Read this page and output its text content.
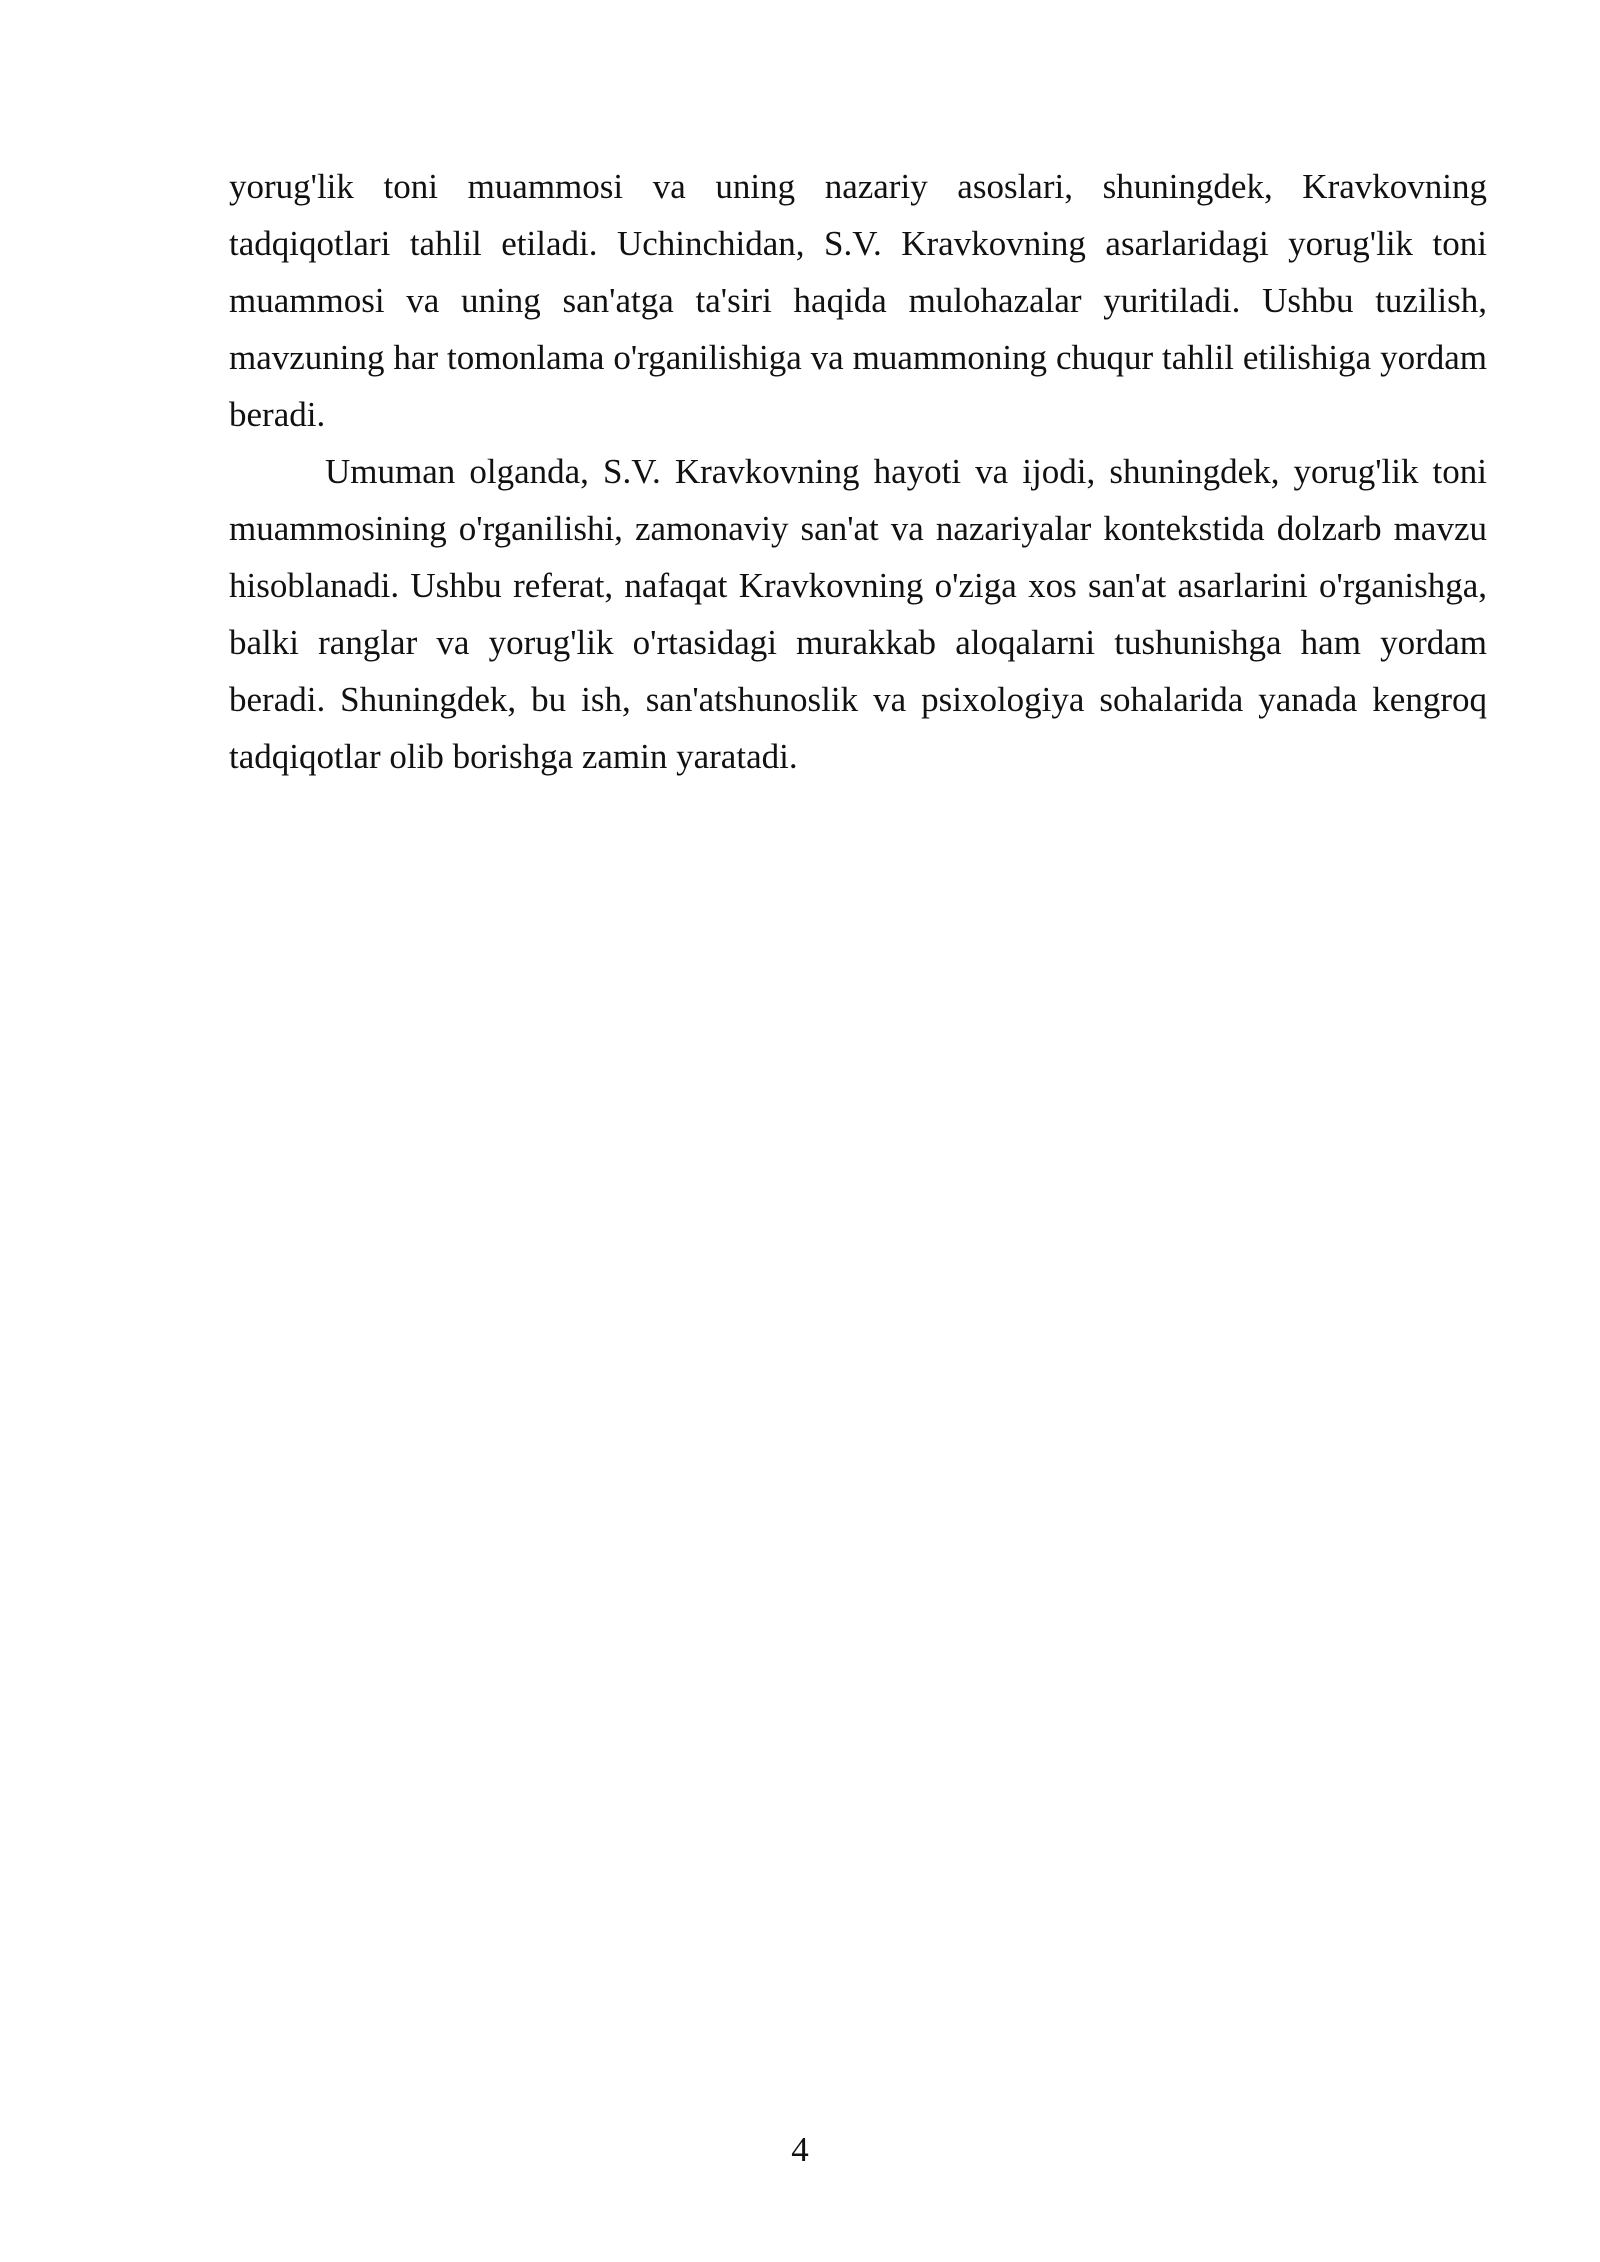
yorug'lik toni muammosi va uning nazariy asoslari, shuningdek, Kravkovning tadqiqotlari tahlil etiladi. Uchinchidan, S.V. Kravkovning asarlaridagi yorug'lik toni muammosi va uning san'atga ta'siri haqida mulohazalar yuritiladi. Ushbu tuzilish, mavzuning har tomonlama o'rganilishiga va muammoning chuqur tahlil etilishiga yordam beradi.

Umuman olganda, S.V. Kravkovning hayoti va ijodi, shuningdek, yorug'lik toni muammosining o'rganilishi, zamonaviy san'at va nazariyalar kontekstida dolzarb mavzu hisoblanadi. Ushbu referat, nafaqat Kravkovning o'ziga xos san'at asarlarini o'rganishga, balki ranglar va yorug'lik o'rtasidagi murakkab aloqalarni tushunishga ham yordam beradi. Shuningdek, bu ish, san'atshunoslik va psixologiya sohalarida yanada kengroq tadqiqotlar olib borishga zamin yaratadi.

4
